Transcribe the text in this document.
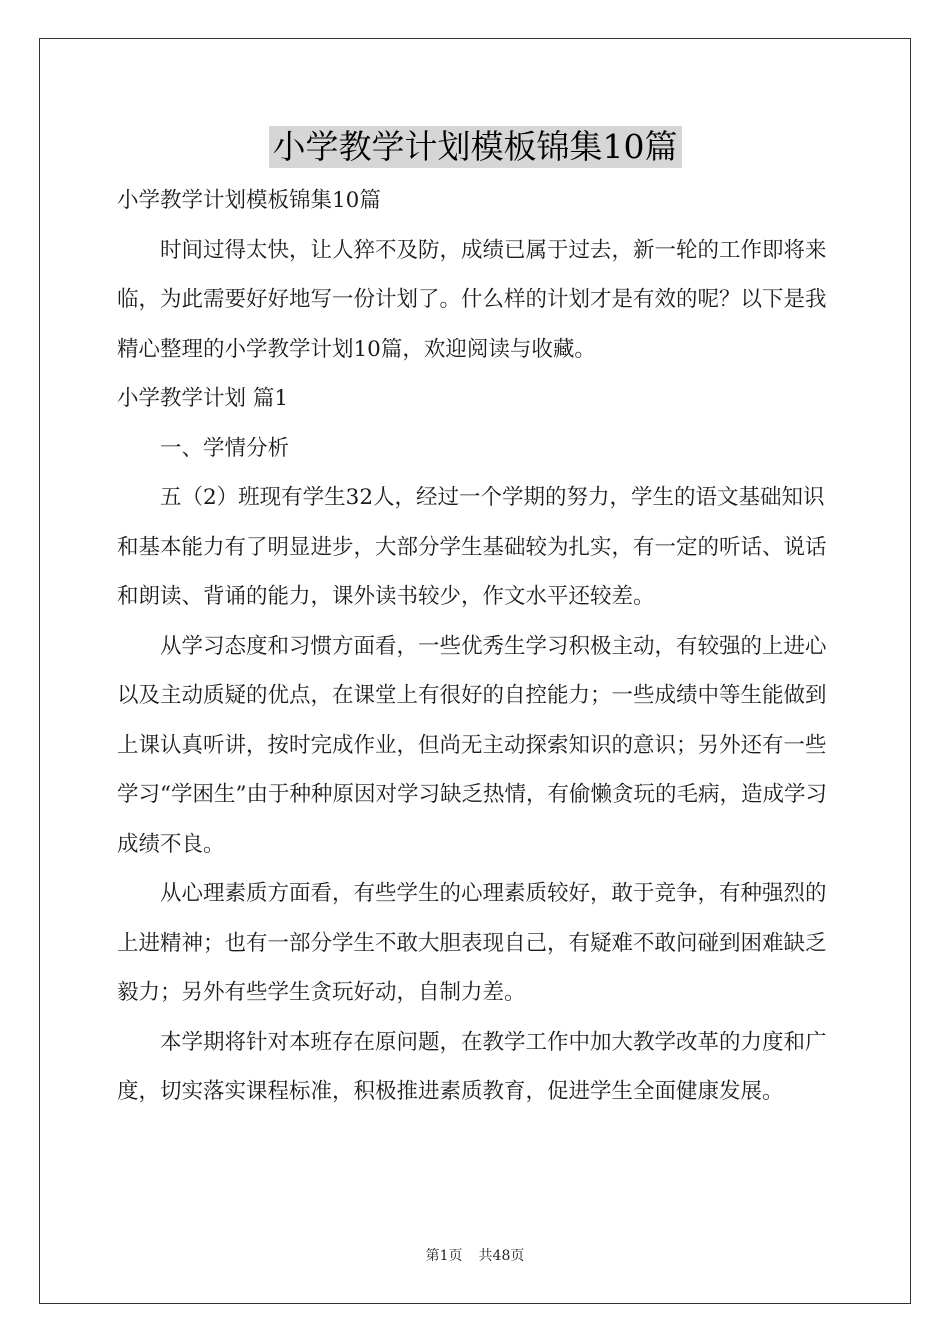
小学教学计划模板锦集10篇

小学教学计划模板锦集10篇

时间过得太快，让人猝不及防，成绩已属于过去，新一轮的工作即将来临，为此需要好好地写一份计划了。什么样的计划才是有效的呢？以下是我精心整理的小学教学计划10篇，欢迎阅读与收藏。

小学教学计划 篇1

一、学情分析

五（2）班现有学生32人，经过一个学期的努力，学生的语文基础知识和基本能力有了明显进步，大部分学生基础较为扎实，有一定的听话、说话和朗读、背诵的能力，课外读书较少，作文水平还较差。

从学习态度和习惯方面看，一些优秀生学习积极主动，有较强的上进心以及主动质疑的优点，在课堂上有很好的自控能力；一些成绩中等生能做到上课认真听讲，按时完成作业，但尚无主动探索知识的意识；另外还有一些学习“学困生”由于种种原因对学习缺乏热情，有偷懒贪玩的毛病，造成学习成绩不良。

从心理素质方面看，有些学生的心理素质较好，敢于竞争，有种强烈的上进精神；也有一部分学生不敢大胆表现自己，有疑难不敢问碰到困难缺乏毅力；另外有些学生贪玩好动，自制力差。

本学期将针对本班存在原问题，在教学工作中加大教学改革的力度和广度，切实落实课程标准，积极推进素质教育，促进学生全面健康发展。

第1页 共48页
